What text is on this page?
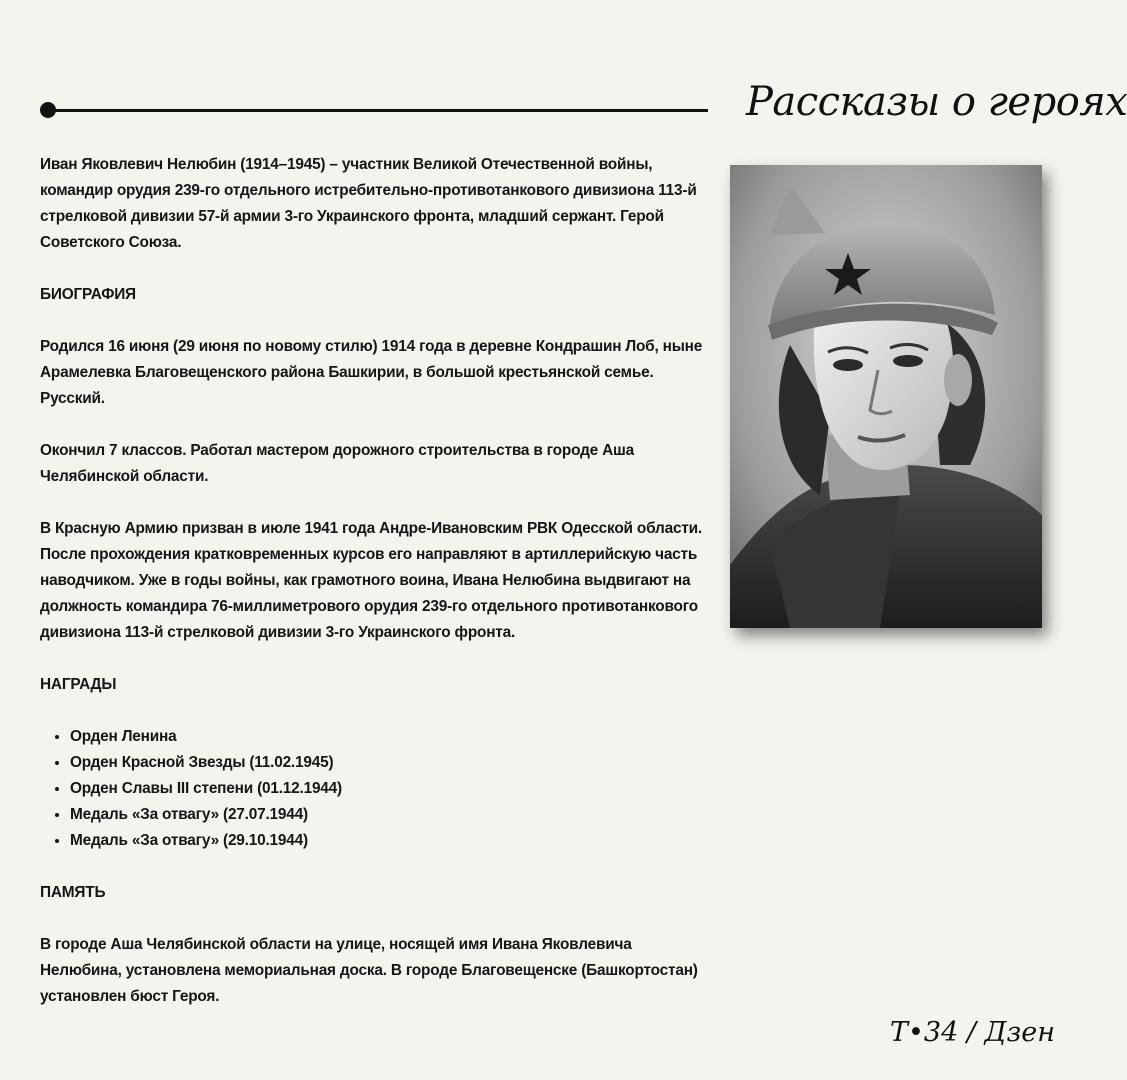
Рассказы о героях

Иван Яковлевич Нелюбин (1914–1945) – участник Великой Отечественной войны, командир орудия 239-го отдельного истребительно-противотанкового дивизиона 113-й стрелковой дивизии 57-й армии 3-го Украинского фронта, младший сержант. Герой Советского Союза.

БИОГРАФИЯ

Родился 16 июня (29 июня по новому стилю) 1914 года в деревне Кондрашин Лоб, ныне Арамелевка Благовещенского района Башкирии, в большой крестьянской семье. Русский.

Окончил 7 классов. Работал мастером дорожного строительства в городе Аша Челябинской области.

В Красную Армию призван в июле 1941 года Андре-Ивановским РВК Одесской области. После прохождения кратковременных курсов его направляют в артиллерийскую часть наводчиком. Уже в годы войны, как грамотного воина, Ивана Нелюбина выдвигают на должность командира 76-миллиметрового орудия 239-го отдельного противотанкового дивизиона 113-й стрелковой дивизии 3-го Украинского фронта.

НАГРАДЫ
• Орден Ленина
• Орден Красной Звезды (11.02.1945)
• Орден Славы III степени (01.12.1944)
• Медаль «За отвагу» (27.07.1944)
• Медаль «За отвагу» (29.10.1944)
ПАМЯТЬ

В городе Аша Челябинской области на улице, носящей имя Ивана Яковлевича Нелюбина, установлена мемориальная доска. В городе Благовещенске (Башкортостан) установлен бюст Героя.

Т•34 / Дзен
